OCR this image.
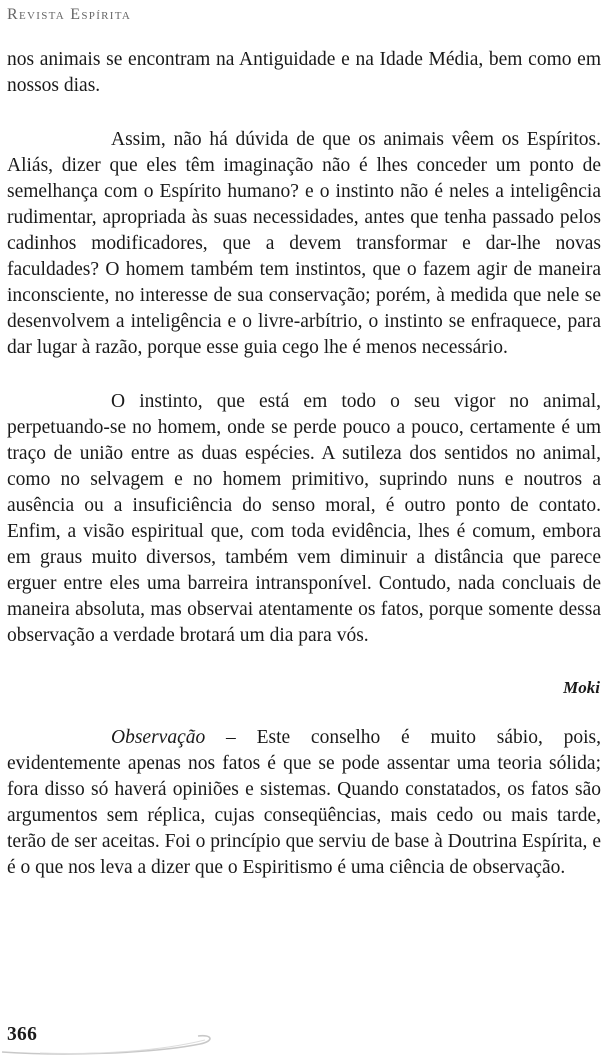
Revista Espírita

nos animais se encontram na Antiguidade e na Idade Média, bem como em nossos dias.

Assim, não há dúvida de que os animais vêem os Espíritos. Aliás, dizer que eles têm imaginação não é lhes conceder um ponto de semelhança com o Espírito humano? e o instinto não é neles a inteligência rudimentar, apropriada às suas necessidades, antes que tenha passado pelos cadinhos modificadores, que a devem transformar e dar-lhe novas faculdades? O homem também tem instintos, que o fazem agir de maneira inconsciente, no interesse de sua conservação; porém, à medida que nele se desenvolvem a inteligência e o livre-arbítrio, o instinto se enfraquece, para dar lugar à razão, porque esse guia cego lhe é menos necessário.

O instinto, que está em todo o seu vigor no animal, perpetuando-se no homem, onde se perde pouco a pouco, certamente é um traço de união entre as duas espécies. A sutileza dos sentidos no animal, como no selvagem e no homem primitivo, suprindo nuns e noutros a ausência ou a insuficiência do senso moral, é outro ponto de contato. Enfim, a visão espiritual que, com toda evidência, lhes é comum, embora em graus muito diversos, também vem diminuir a distância que parece erguer entre eles uma barreira intransponível. Contudo, nada concluais de maneira absoluta, mas observai atentamente os fatos, porque somente dessa observação a verdade brotará um dia para vós.

Moki

Observação – Este conselho é muito sábio, pois, evidentemente apenas nos fatos é que se pode assentar uma teoria sólida; fora disso só haverá opiniões e sistemas. Quando constatados, os fatos são argumentos sem réplica, cujas conseqüências, mais cedo ou mais tarde, terão de ser aceitas. Foi o princípio que serviu de base à Doutrina Espírita, e é o que nos leva a dizer que o Espiritismo é uma ciência de observação.

366
